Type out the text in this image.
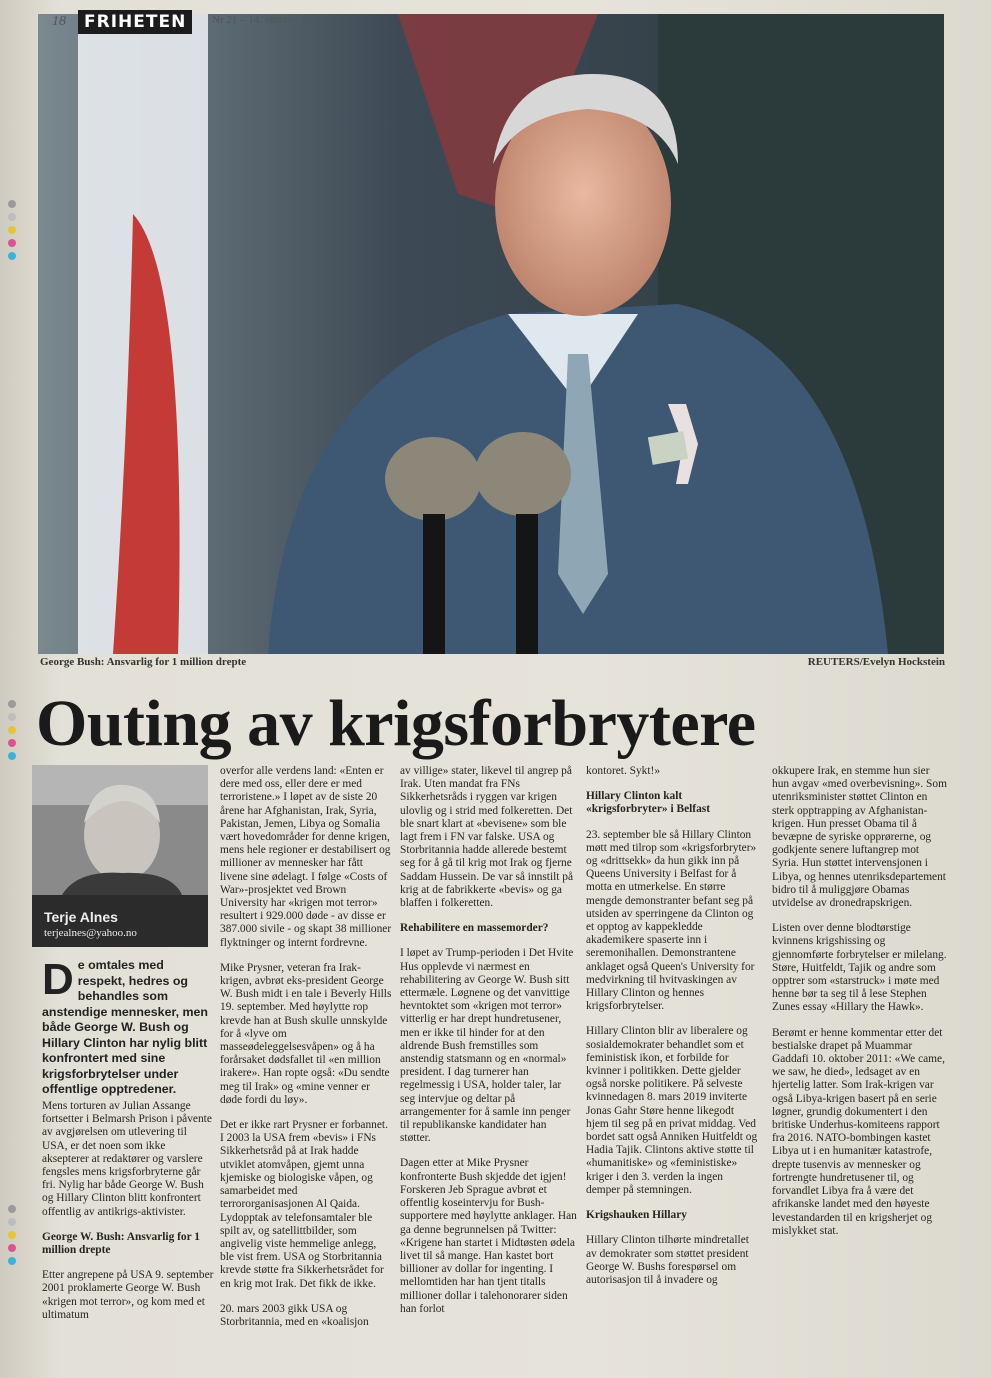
18	FRIHETEN	Nr 21 – 14. oktober 2021
George Bush: Ansvarlig for 1 million drepte	REUTERS/Evelyn Hockstein
Outing av krigsforbrytere
Terje Alnes
terjealnes@yahoo.no
De omtales med respekt, hedres og behandles som anstendige mennesker, men både George W. Bush og Hillary Clinton har nylig blitt konfrontert med sine krigsforbrytelser under offentlige opptredener.

Mens torturen av Julian Assange fortsetter i Belmarsh Prison i påvente av avgjørelsen om utlevering til USA, er det noen som ikke aksepterer at redaktører og varslere fengsles mens krigsforbryterne går fri. Nylig har både George W. Bush og Hillary Clinton blitt konfrontert offentlig av antikrigs-aktivister.

George W. Bush: Ansvarlig for 1 million drepte

Etter angrepene på USA 9. september 2001 proklamerte George W. Bush «krigen mot terror», og kom med et ultimatum

overfor alle verdens land: «Enten er dere med oss, eller dere er med terroristene.» I løpet av de siste 20 årene har Afghanistan, Irak, Syria, Pakistan, Jemen, Libya og Somalia vært hovedområder for denne krigen, mens hele regioner er destabilisert og millioner av mennesker har fått livene sine ødelagt. I følge «Costs of War»-prosjektet ved Brown University har «krigen mot terror» resultert i 929.000 døde - av disse er 387.000 sivile - og skapt 38 millioner flyktninger og internt fordrevne.

Mike Prysner, veteran fra Irak-krigen, avbrøt eks-president George W. Bush midt i en tale i Beverly Hills 19. september. Med høylytte rop krevde han at Bush skulle unnskylde for å «lyve om masseødeleggelsesvåpen» og å ha forårsaket dødsfallet til «en million irakere». Han ropte også: «Du sendte meg til Irak» og «mine venner er døde fordi du løy».

Det er ikke rart Prysner er forbannet. I 2003 la USA frem «bevis» i FNs Sikkerhetsråd på at Irak hadde utviklet atomvåpen, gjemt unna kjemiske og biologiske våpen, og samarbeidet med terrororganisasjonen Al Qaida. Lydopptak av telefonsamtaler ble spilt av, og satellittbilder, som angivelig viste hemmelige anlegg, ble vist frem. USA og Storbritannia krevde støtte fra Sikkerhetsrådet for en krig mot Irak. Det fikk de ikke.

20. mars 2003 gikk USA og Storbritannia, med en «koalisjon

av villige» stater, likevel til angrep på Irak. Uten mandat fra FNs Sikkerhetsråds i ryggen var krigen ulovlig og i strid med folkeretten. Det ble snart klart at «bevisene» som ble lagt frem i FN var falske. USA og Storbritannia hadde allerede bestemt seg for å gå til krig mot Irak og fjerne Saddam Hussein. De var så innstilt på krig at de fabrikkerte «bevis» og ga blaffen i folkeretten.

Rehabilitere en massemorder?

I løpet av Trump-perioden i Det Hvite Hus opplevde vi nærmest en rehabilitering av George W. Bush sitt ettermæle. Løgnene og det vanvittige hevntoktet som «krigen mot terror» vitterlig er har drept hundretusener, men er ikke til hinder for at den aldrende Bush fremstilles som anstendig statsmann og en «normal» president. I dag turnerer han regelmessig i USA, holder taler, lar seg intervjue og deltar på arrangementer for å samle inn penger til republikanske kandidater han støtter.

Dagen etter at Mike Prysner konfronterte Bush skjedde det igjen! Forskeren Jeb Sprague avbrøt et offentlig koseintervju for Bush-supportere med høylytte anklager. Han ga denne begrunnelsen på Twitter: «Krigene han startet i Midtøsten ødela livet til så mange. Han kastet bort billioner av dollar for ingenting. I mellomtiden har han tjent titalls millioner dollar i talehonorarer siden han forlot

kontoret. Sykt!»

Hillary Clinton kalt «krigsforbryter» i Belfast

23. september ble så Hillary Clinton møtt med tilrop som «krigsforbryter» og «drittsekk» da hun gikk inn på Queens University i Belfast for å motta en utmerkelse. En større mengde demonstranter befant seg på utsiden av sperringene da Clinton og et opptog av kappekledde akademikere spaserte inn i seremonihallen. Demonstrantene anklaget også Queen's University for medvirkning til hvitvaskingen av Hillary Clinton og hennes krigsforbrytelser.

Hillary Clinton blir av liberalere og sosialdemokrater behandlet som et feministisk ikon, et forbilde for kvinner i politikken. Dette gjelder også norske politikere. På selveste kvinnedagen 8. mars 2019 inviterte Jonas Gahr Støre henne likegodt hjem til seg på en privat middag. Ved bordet satt også Anniken Huitfeldt og Hadia Tajik. Clintons aktive støtte til «humanitiske» og «feministiske» kriger i den 3. verden la ingen demper på stemningen.

Krigshauken Hillary

Hillary Clinton tilhørte mindretallet av demokrater som støttet president George W. Bushs forespørsel om autorisasjon til å invadere og

okkupere Irak, en stemme hun sier hun avgav «med overbevisning». Som utenriksminister støttet Clinton en sterk opptrapping av Afghanistan-krigen. Hun presset Obama til å bevæpne de syriske opprørerne, og godkjente senere luftangrep mot Syria. Hun støttet intervensjonen i Libya, og hennes utenriksdepartement bidro til å muliggjøre Obamas utvidelse av dronedrapskrigen.

Listen over denne blodtørstige kvinnens krigshissing og gjennomførte forbrytelser er milelang. Støre, Huitfeldt, Tajik og andre som opptrer som «starstruck» i møte med henne bør ta seg til å lese Stephen Zunes essay «Hillary the Hawk».

Berømt er henne kommentar etter det bestialske drapet på Muammar Gaddafi 10. oktober 2011: «We came, we saw, he died», ledsaget av en hjertelig latter. Som Irak-krigen var også Libya-krigen basert på en serie løgner, grundig dokumentert i den britiske Underhus-komiteens rapport fra 2016. NATO-bombingen kastet Libya ut i en humanitær katastrofe, drepte tusenvis av mennesker og fortrengte hundretusener til, og forvandlet Libya fra å være det afrikanske landet med den høyeste levestandarden til en krigsherjet og mislykket stat.
